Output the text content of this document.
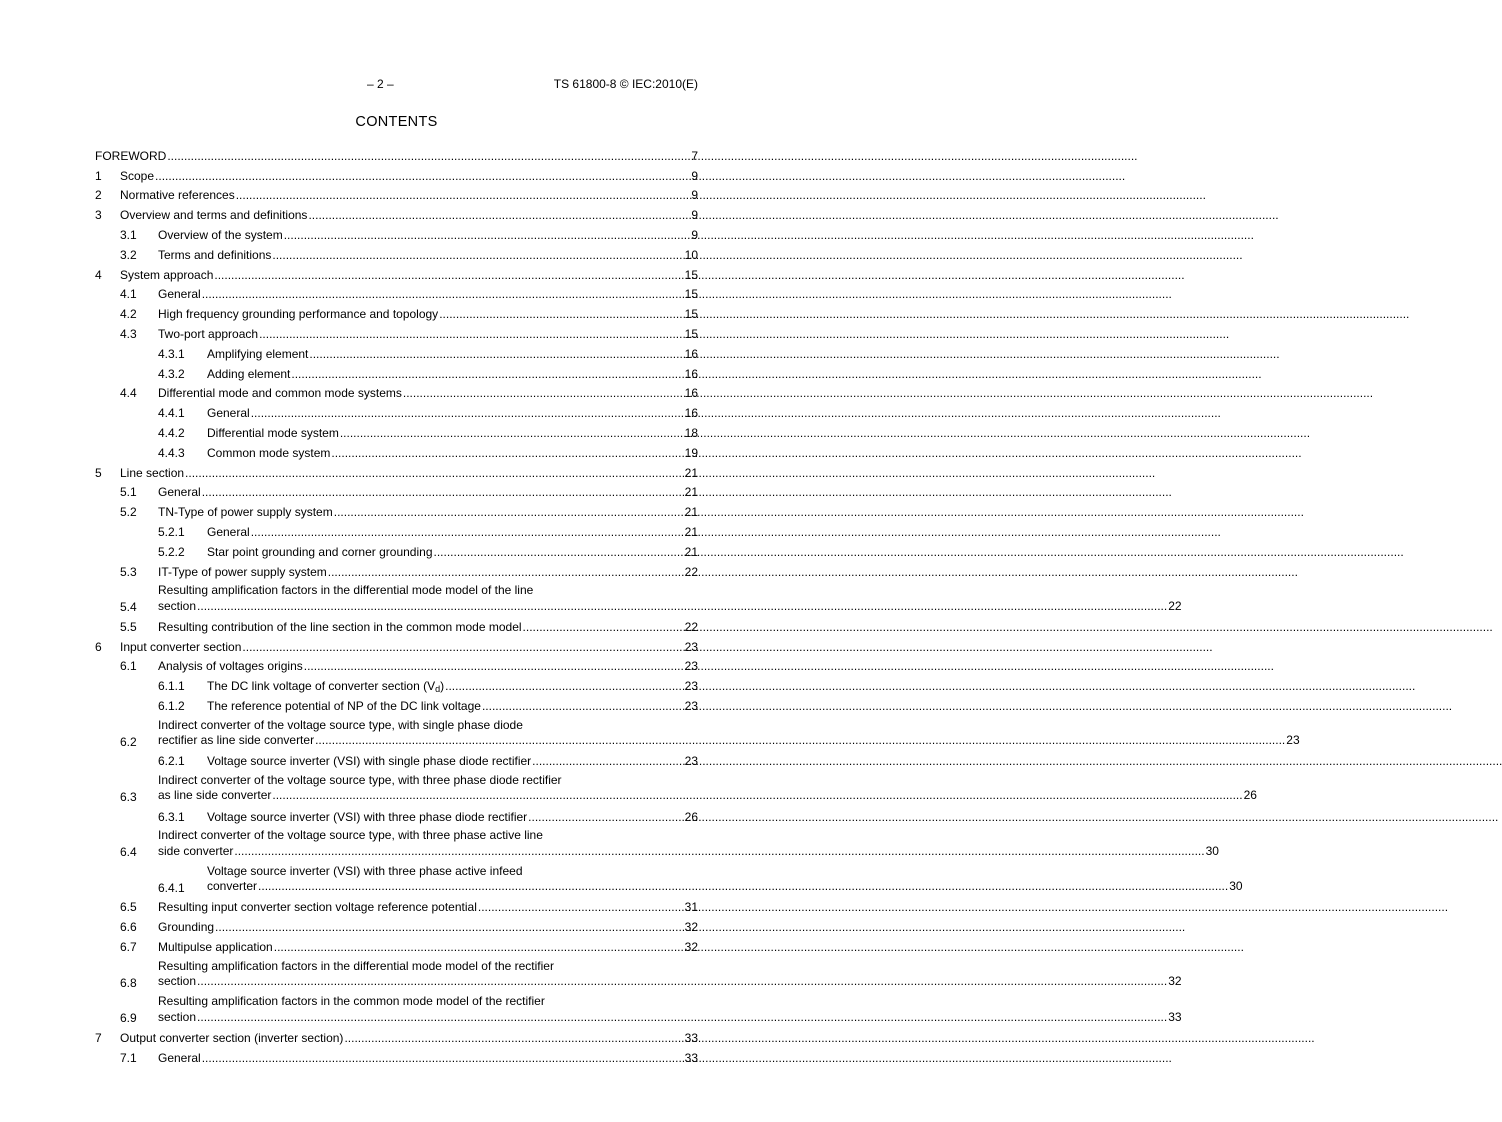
– 2 –	TS 61800-8 © IEC:2010(E)
CONTENTS
FOREWORD .....	7
1 Scope .....	9
2 Normative references .....	9
3 Overview and terms and definitions .....	9
3.1 Overview of the system .....	9
3.2 Terms and definitions .....	10
4 System approach .....	15
4.1 General .....	15
4.2 High frequency grounding performance and topology .....	15
4.3 Two-port approach .....	15
4.3.1 Amplifying element .....	16
4.3.2 Adding element .....	16
4.4 Differential mode and common mode systems .....	16
4.4.1 General .....	16
4.4.2 Differential mode system .....	18
4.4.3 Common mode system .....	19
5 Line section .....	21
5.1 General .....	21
5.2 TN-Type of power supply system .....	21
5.2.1 General .....	21
5.2.2 Star point grounding and corner grounding .....	21
5.3 IT-Type of power supply system .....	22
5.4
Resulting amplification factors in the differential mode model of the line
section .....	22
5.5 Resulting contribution of the line section in the common mode model .....	22
6 Input converter section .....	23
6.1 Analysis of voltages origins .....	23
6.1.1 The DC link voltage of converter section $(V_d)$ .....	23
6.1.2 The reference potential of NP of the DC link voltage .....	23
6.2
Indirect converter of the voltage source type, with single phase diode
rectifier as line side converter .....	23
6.2.1 Voltage source inverter (VSI) with single phase diode rectifier .....	23
6.3
Indirect converter of the voltage source type, with three phase diode rectifier
as line side converter .....	26
6.3.1 Voltage source inverter (VSI) with three phase diode rectifier .....	26
6.4
Indirect converter of the voltage source type, with three phase active line
side converter .....	30
6.4.1
Voltage source inverter (VSI) with three phase active infeed
converter .....	30
6.5 Resulting input converter section voltage reference potential .....	31
6.6 Grounding .....	32
6.7 Multipulse application .....	32
6.8
Resulting amplification factors in the differential mode model of the rectifier
section .....	32
6.9
Resulting amplification factors in the common mode model of the rectifier
section .....	33
7 Output converter section (inverter section) .....	33
7.1 General .....	33
